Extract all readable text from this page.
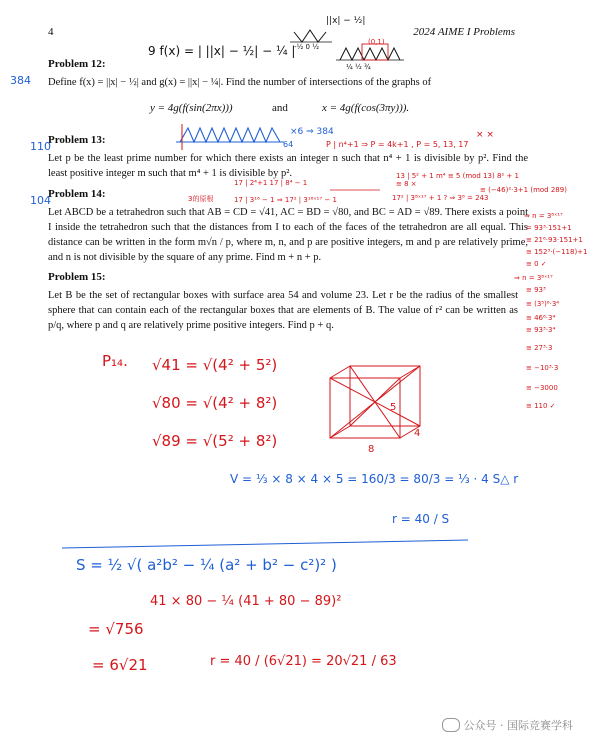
4	2024 AIME I Problems
Problem 12:
384 Define f(x) = ||x| − ½| and g(x) = ||x| − ¼|. Find the number of intersections of the graphs of
y = 4g(f(sin(2πx)))	and	x = 4g(f(cos(3πy))).
Problem 13:
110
Let p be the least prime number for which there exists an integer n such that n⁴ + 1 is divisible by p². Find the least positive integer m such that m⁴ + 1 is divisible by p².
Problem 14:
104
Let ABCD be a tetrahedron such that AB = CD = √41, AC = BD = √80, and BC = AD = √89. There exists a point I inside the tetrahedron such that the distances from I to each of the faces of the tetrahedron are all equal. This distance can be written in the form m√n / p, where m, n, and p are positive integers, m and p are relatively prime, and n is not divisible by the square of any prime. Find m + n + p.
Problem 15:
Let B be the set of rectangular boxes with surface area 54 and volume 23. Let r be the radius of the smallest sphere that can contain each of the rectangular boxes that are elements of B. The value of r² can be written as p/q, where p and q are relatively prime positive integers. Find p + q.
9 f(x) = | ||x| − ½| − ¼ |
||x| − ½|
-½ 0 ½
¼ ½ ¾
(0,1)
×6 ⇒ 384
64	P | n⁴+1 ⇒ P = 4k+1 , P = 5, 13, 17
× ×
17 | 2⁴+1 17 | 8⁴ − 1
17 | 3¹⁶ − 1 ⇒ 17² | 3¹⁶ˣ¹⁷ − 1	17² | 3⁸ˣ¹⁷ + 1 ? ⇒ 3⁸ = 243
13 | 5² + 1 m⁴ ≡ 5 (mod 13) 8² + 1 ≡ 8 ×
3的原根
≡ (−46)²·3+1 (mod 289)
⇒ n = 3⁸ˣ¹⁷
= 93³·151+1
≡ 21⁶·93·151+1
≡ 152³·(−118)+1
≡ 0 ✓
⇒ n = 3⁸ˣ¹⁷
≡ 93³
≡ (3⁵)⁶·3⁴
≡ 46⁶·3⁴
≡ 93³·3⁴
≡ 27³·3
≡ −10³·3
≡ −3000
≡ 110 ✓
P₁₄. √41 = √(4² + 5²)
√80 = √(4² + 8²)
√89 = √(5² + 8²)
5
4
8
V = ⅓ × 8 × 4 × 5 = 160/3 = 80/3 = ⅓ · 4 S△ r
r = 40 / S
S = ½ √( a²b² − ¼ (a² + b² − c²)² )
41 × 80 − ¼ (41 + 80 − 89)²
= √756
= 6√21	r = 40 / (6√21) = 20√21 / 63
公众号 · 国际竞赛学科
